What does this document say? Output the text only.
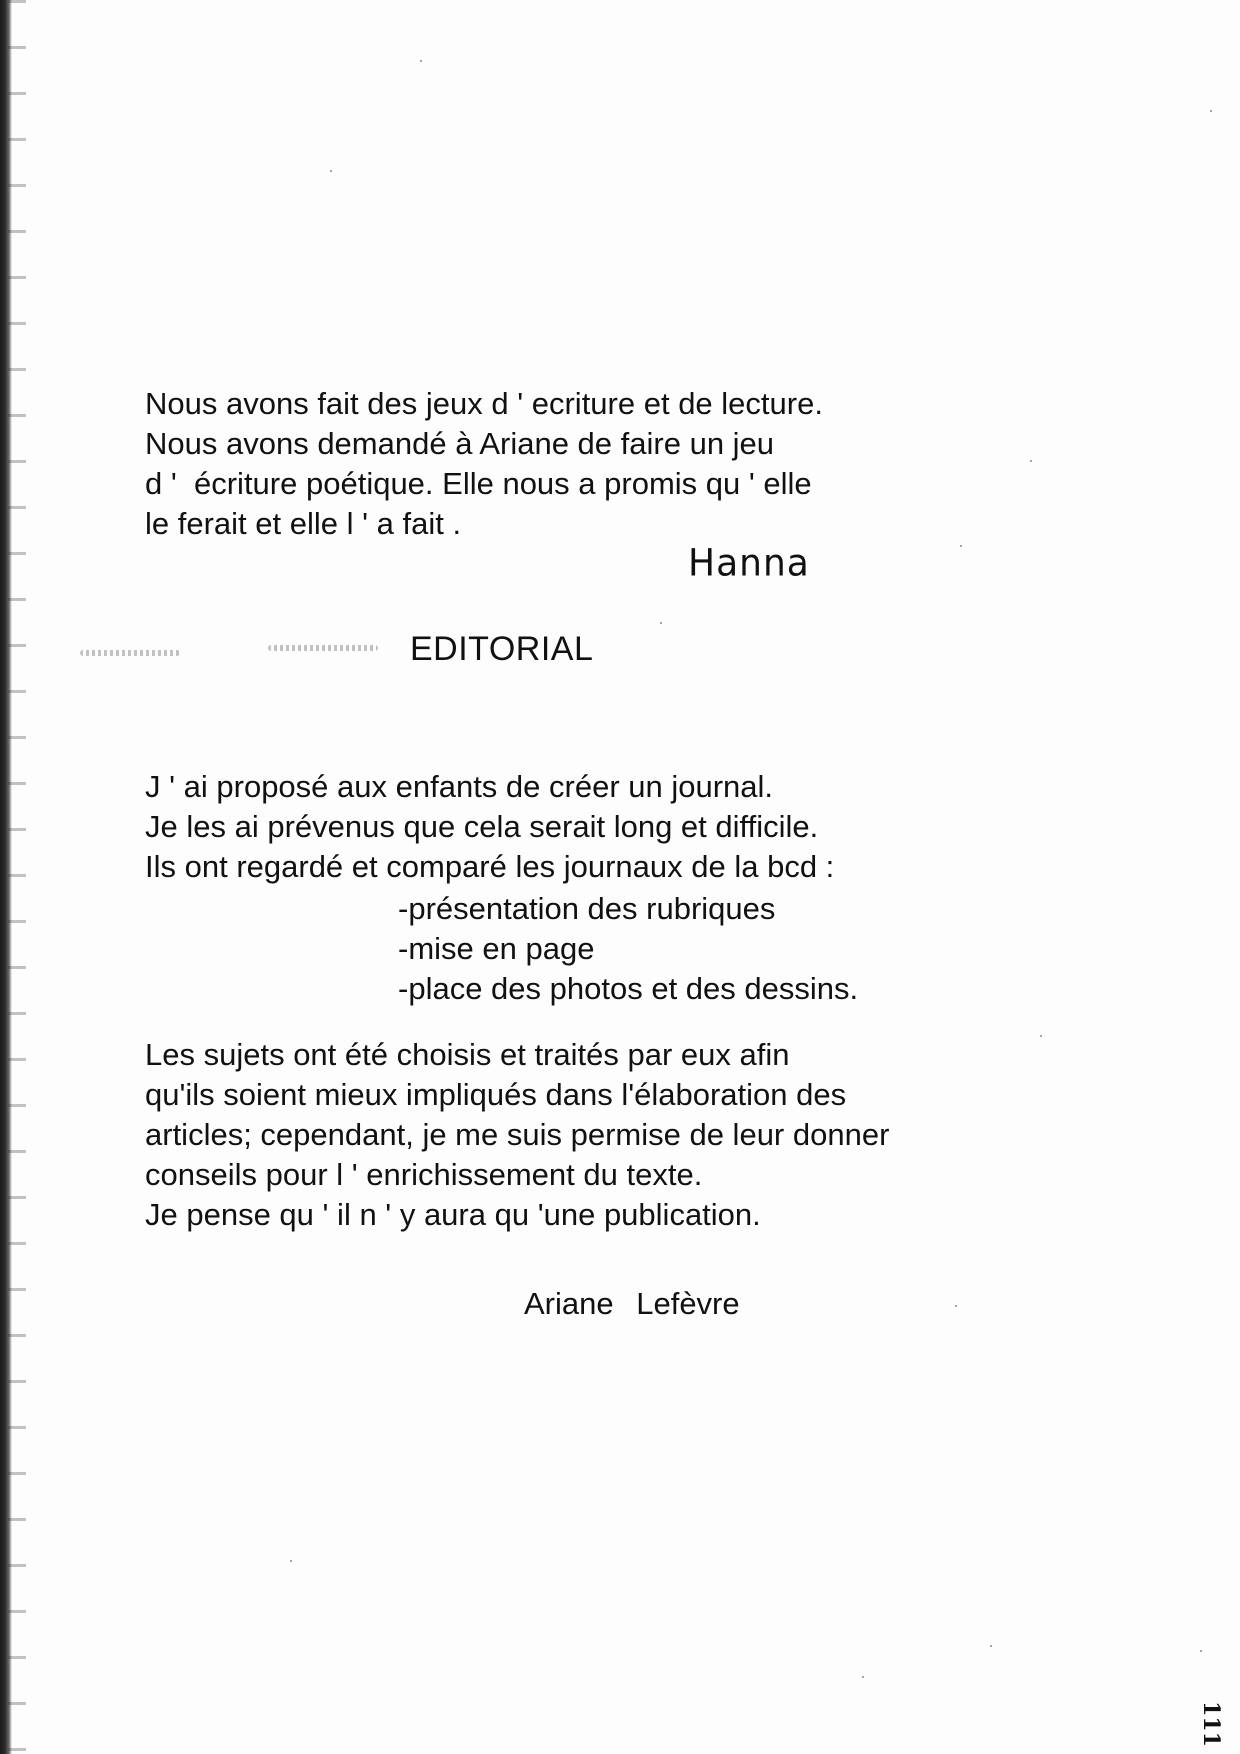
Nous avons fait des jeux d ' ecriture et de lecture.
Nous avons demandé à Ariane de faire un jeu
d '  écriture poétique. Elle nous a promis qu ' elle
le ferait et elle l ' a fait .
Hanna
EDITORIAL
J ' ai proposé aux enfants de créer un journal.
Je les ai prévenus que cela serait long et difficile.
Ils ont regardé et comparé les journaux de la bcd :
-présentation des rubriques
-mise en page
-place des photos et des dessins.
Les sujets ont été choisis et traités par eux afin
qu'ils soient mieux impliqués dans l'élaboration des
articles; cependant, je me suis permise de leur donner
conseils pour l ' enrichissement du texte.
Je pense qu ' il n ' y aura qu 'une publication.
Ariane Lefèvre
111
